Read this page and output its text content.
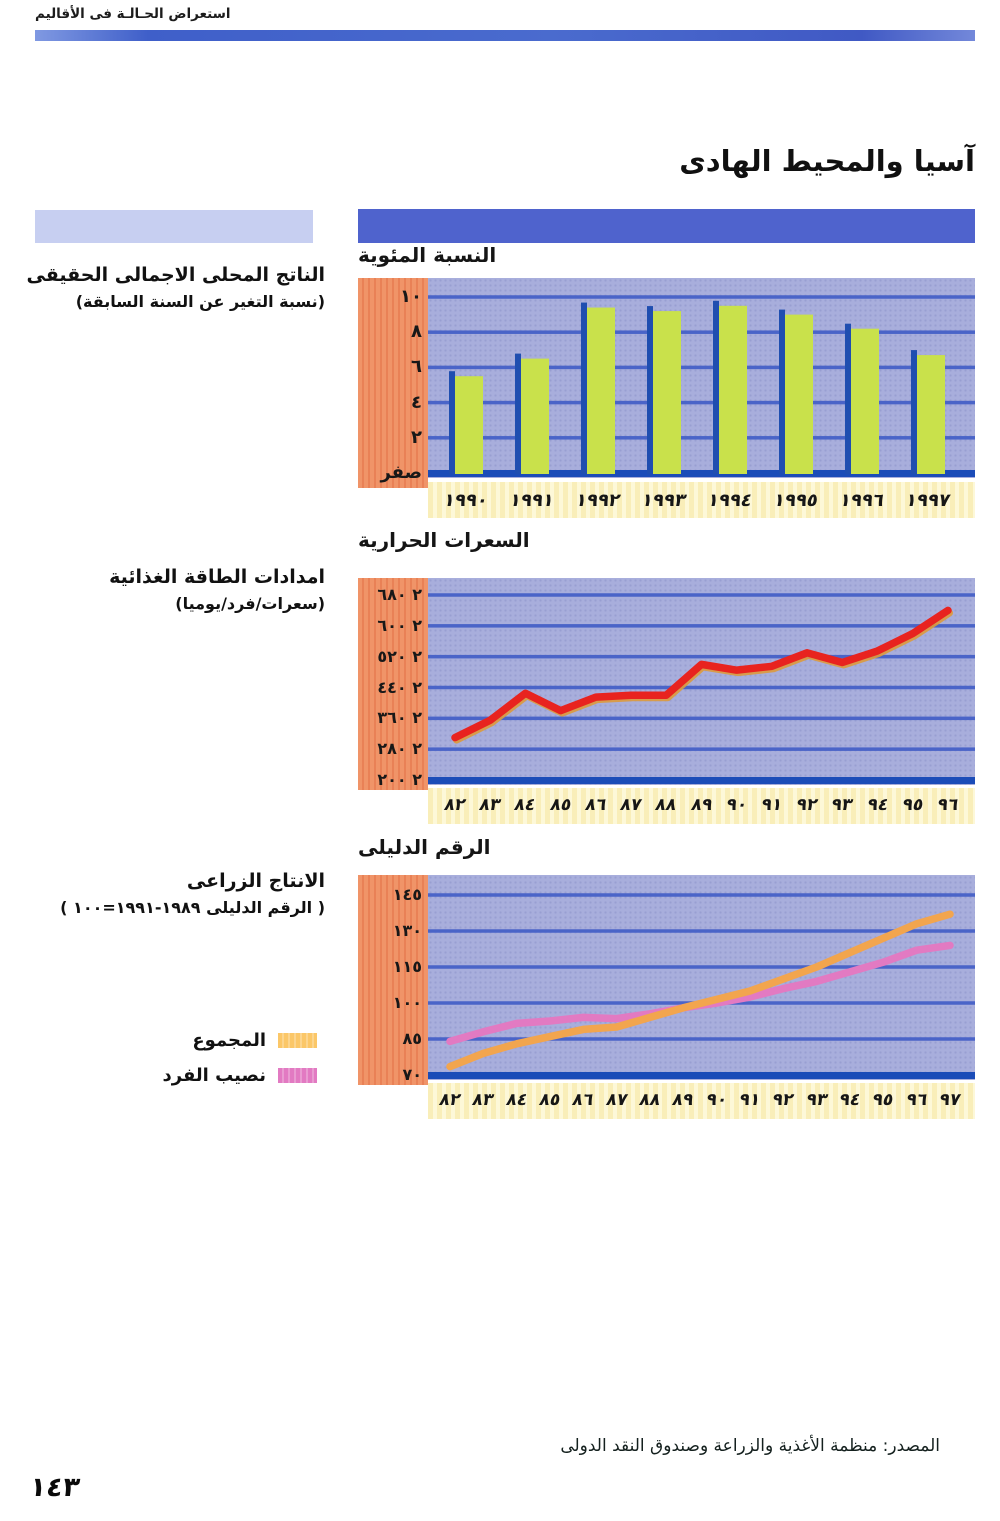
استعراض الحـالـة فى الأقاليم
آسيا والمحيط الهادى
الناتج المحلى الاجمالى الحقيقى
(نسبة التغير عن السنة السابقة)
امدادات الطاقة الغذائية
(سعرات/فرد/يوميا)
الانتاج الزراعى
( الرقم الدليلى ١٩٨٩-١٩٩١=١٠٠ )
المجموع
نصيب الفرد
النسبة المئوية
السعرات الحرارية
الرقم الدليلى
١٠
٨
٦
٤
٢
صفر
١٩٩٠ ١٩٩١ ١٩٩٢ ١٩٩٣ ١٩٩٤ ١٩٩٥ ١٩٩٦ ١٩٩٧
٢ ٦٨٠
٢ ٦٠٠
٢ ٥٢٠
٢ ٤٤٠
٢ ٣٦٠
٢ ٢٨٠
٢ ٢٠٠
٨٢ ٨٣ ٨٤ ٨٥ ٨٦ ٨٧ ٨٨ ٨٩ ٩٠ ٩١ ٩٢ ٩٣ ٩٤ ٩٥ ٩٦
١٤٥
١٣٠
١١٥
١٠٠
٨٥
٧٠
٨٢ ٨٣ ٨٤ ٨٥ ٨٦ ٨٧ ٨٨ ٨٩ ٩٠ ٩١ ٩٢ ٩٣ ٩٤ ٩٥ ٩٦ ٩٧
المصدر: منظمة الأغذية والزراعة وصندوق النقد الدولى
١٤٣
